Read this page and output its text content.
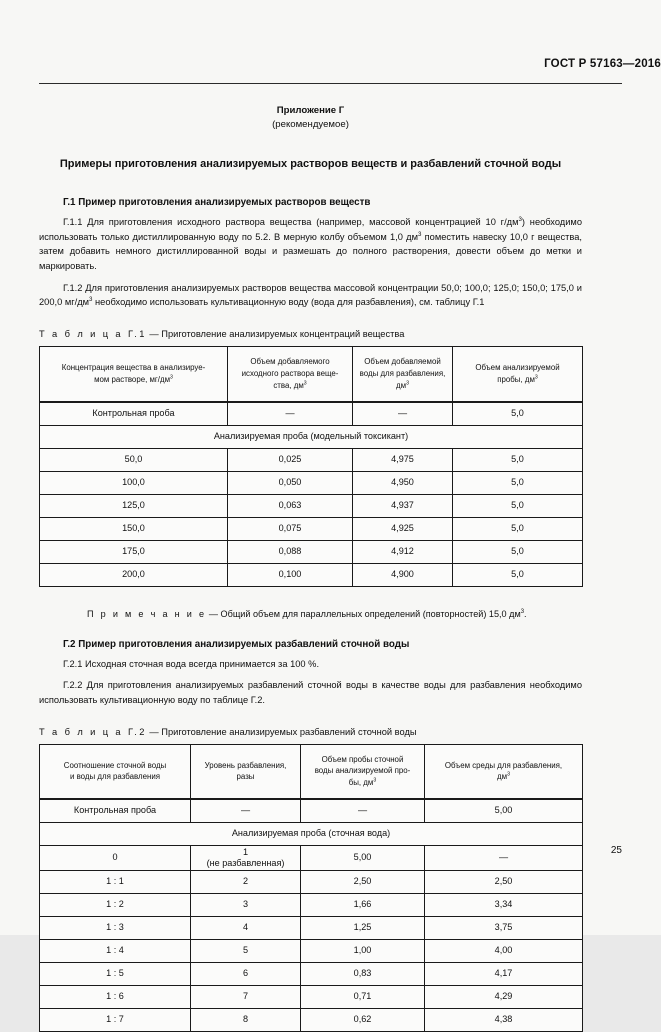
ГОСТ Р 57163—2016
Приложение Г
(рекомендуемое)
Примеры приготовления анализируемых растворов веществ и разбавлений сточной воды
Г.1 Пример приготовления анализируемых растворов веществ

Г.1.1 Для приготовления исходного раствора вещества (например, массовой концентрацией 10 $г/дм^3$) необходимо использовать только дистиллированную воду по 5.2. В мерную колбу объемом 1,0 $дм^3$ поместить навеску 10,0 г вещества, затем добавить немного дистиллированной воды и размешать до полного растворения, довести объем до метки и маркировать.

Г.1.2 Для приготовления анализируемых растворов вещества массовой концентрации 50,0; 100,0; 125,0; 150,0; 175,0 и 200,0 $мг/дм^3$ необходимо использовать культивационную воду (вода для разбавления), см. таблицу Г.1

Т а б л и ц а Г.1 — Приготовление анализируемых концентраций вещества
Концентрация вещества в анализируе-
мом растворе, $мг/дм^3$	Объем добавляемого
исходного раствора веще-
ства, $дм^3$	Объем добавляемой
воды для разбавления,
$дм^3$	Объем анализируемой
пробы, $дм^3$
Контрольная проба	—	—	5,0
Анализируемая проба (модельный токсикант)			
50,0	0,025	4,975	5,0
100,0	0,050	4,950	5,0
125,0	0,063	4,937	5,0
150,0	0,075	4,925	5,0
175,0	0,088	4,912	5,0
200,0	0,100	4,900	5,0
П р и м е ч а н и е — Общий объем для параллельных определений (повторностей) 15,0 $дм^3$.
Г.2 Пример приготовления анализируемых разбавлений сточной воды

Г.2.1 Исходная сточная вода всегда принимается за 100 %.

Г.2.2 Для приготовления анализируемых разбавлений сточной воды в качестве воды для разбавления необходимо использовать культивационную воду по таблице Г.2.

Т а б л и ц а Г.2 — Приготовление анализируемых разбавлений сточной воды
Соотношение сточной воды
и воды для разбавления	Уровень разбавления,
разы	Объем пробы сточной
воды анализируемой про-
бы, $дм^3$	Объем среды для разбавления,
$дм^3$
Контрольная проба	—	—	5,00
Анализируемая проба (сточная вода)			
0	1
(не разбавленная)	5,00	—
1 : 1	2	2,50	2,50
1 : 2	3	1,66	3,34
1 : 3	4	1,25	3,75
1 : 4	5	1,00	4,00
1 : 5	6	0,83	4,17
1 : 6	7	0,71	4,29
1 : 7	8	0,62	4,38
25
